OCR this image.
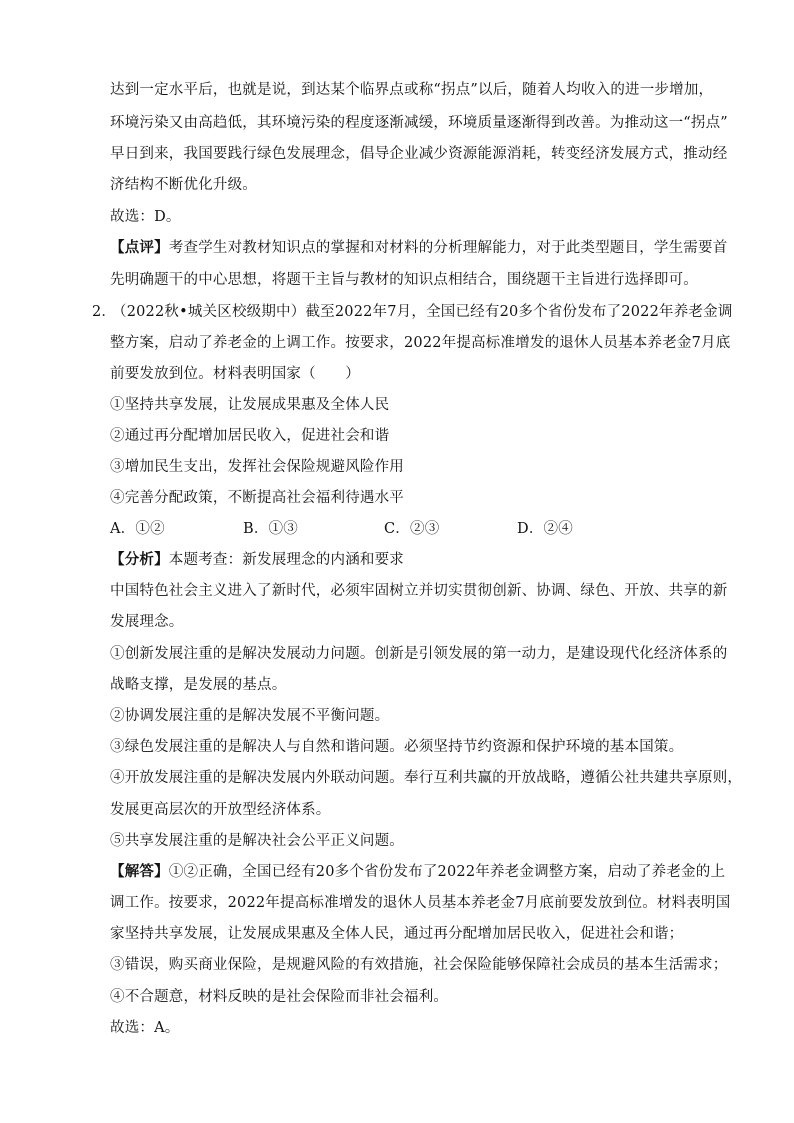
达到一定水平后，也就是说，到达某个临界点或称“拐点”以后，随着人均收入的进一步增加，
环境污染又由高趋低，其环境污染的程度逐渐减缓，环境质量逐渐得到改善。为推动这一“拐点”
早日到来，我国要践行绿色发展理念，倡导企业减少资源能源消耗，转变经济发展方式，推动经
济结构不断优化升级。
故选：D。
【点评】考查学生对教材知识点的掌握和对材料的分析理解能力，对于此类型题目，学生需要首
先明确题干的中心思想，将题干主旨与教材的知识点相结合，围绕题干主旨进行选择即可。
2．
（2022秋•城关区校级期中）截至2022年7月，全国已经有20多个省份发布了2022年养老金调
整方案，启动了养老金的上调工作。按要求，2022年提高标准增发的退休人员基本养老金7月底
前要发放到位。材料表明国家（　　）
①坚持共享发展，让发展成果惠及全体人民
②通过再分配增加居民收入，促进社会和谐
③增加民生支出，发挥社会保险规避风险作用
④完善分配政策，不断提高社会福利待遇水平
A．①②	B．①③	C．②③	D．②④
【分析】本题考查：新发展理念的内涵和要求
中国特色社会主义进入了新时代，必须牢固树立并切实贯彻创新、协调、绿色、开放、共享的新
发展理念。
①创新发展注重的是解决发展动力问题。创新是引领发展的第一动力，是建设现代化经济体系的
战略支撑，是发展的基点。
②协调发展注重的是解决发展不平衡问题。
③绿色发展注重的是解决人与自然和谐问题。必须坚持节约资源和保护环境的基本国策。
④开放发展注重的是解决发展内外联动问题。奉行互利共赢的开放战略，遵循公社共建共享原则，
发展更高层次的开放型经济体系。
⑤共享发展注重的是解决社会公平正义问题。
【解答】①②正确，全国已经有20多个省份发布了2022年养老金调整方案，启动了养老金的上
调工作。按要求，2022年提高标准增发的退休人员基本养老金7月底前要发放到位。材料表明国
家坚持共享发展，让发展成果惠及全体人民，通过再分配增加居民收入，促进社会和谐；
③错误，购买商业保险，是规避风险的有效措施，社会保险能够保障社会成员的基本生活需求；
④不合题意，材料反映的是社会保险而非社会福利。
故选：A。
